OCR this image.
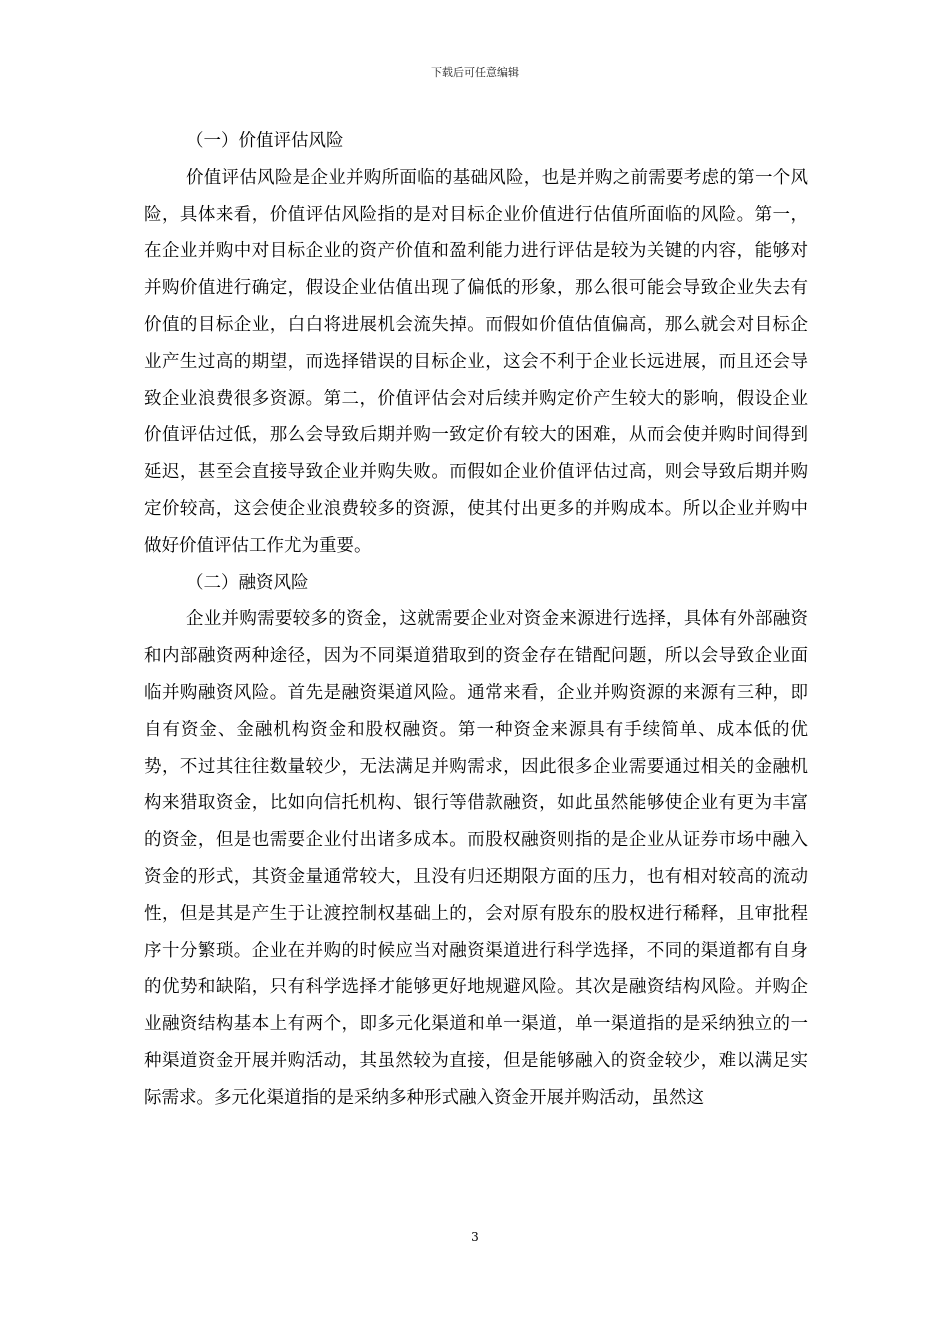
下载后可任意编辑

（一）价值评估风险

价值评估风险是企业并购所面临的基础风险，也是并购之前需要考虑的第一个风险，具体来看，价值评估风险指的是对目标企业价值进行估值所面临的风险。第一，在企业并购中对目标企业的资产价值和盈利能力进行评估是较为关键的内容，能够对并购价值进行确定，假设企业估值出现了偏低的形象，那么很可能会导致企业失去有价值的目标企业，白白将进展机会流失掉。而假如价值估值偏高，那么就会对目标企业产生过高的期望，而选择错误的目标企业，这会不利于企业长远进展，而且还会导致企业浪费很多资源。第二，价值评估会对后续并购定价产生较大的影响，假设企业价值评估过低，那么会导致后期并购一致定价有较大的困难，从而会使并购时间得到延迟，甚至会直接导致企业并购失败。而假如企业价值评估过高，则会导致后期并购定价较高，这会使企业浪费较多的资源，使其付出更多的并购成本。所以企业并购中做好价值评估工作尤为重要。

（二）融资风险

企业并购需要较多的资金，这就需要企业对资金来源进行选择，具体有外部融资和内部融资两种途径，因为不同渠道猎取到的资金存在错配问题，所以会导致企业面临并购融资风险。首先是融资渠道风险。通常来看，企业并购资源的来源有三种，即自有资金、金融机构资金和股权融资。第一种资金来源具有手续简单、成本低的优势，不过其往往数量较少，无法满足并购需求，因此很多企业需要通过相关的金融机构来猎取资金，比如向信托机构、银行等借款融资，如此虽然能够使企业有更为丰富的资金，但是也需要企业付出诸多成本。而股权融资则指的是企业从证券市场中融入资金的形式，其资金量通常较大，且没有归还期限方面的压力，也有相对较高的流动性，但是其是产生于让渡控制权基础上的，会对原有股东的股权进行稀释，且审批程序十分繁琐。企业在并购的时候应当对融资渠道进行科学选择，不同的渠道都有自身的优势和缺陷，只有科学选择才能够更好地规避风险。其次是融资结构风险。并购企业融资结构基本上有两个，即多元化渠道和单一渠道，单一渠道指的是采纳独立的一种渠道资金开展并购活动，其虽然较为直接，但是能够融入的资金较少，难以满足实际需求。多元化渠道指的是采纳多种形式融入资金开展并购活动，虽然这

3
